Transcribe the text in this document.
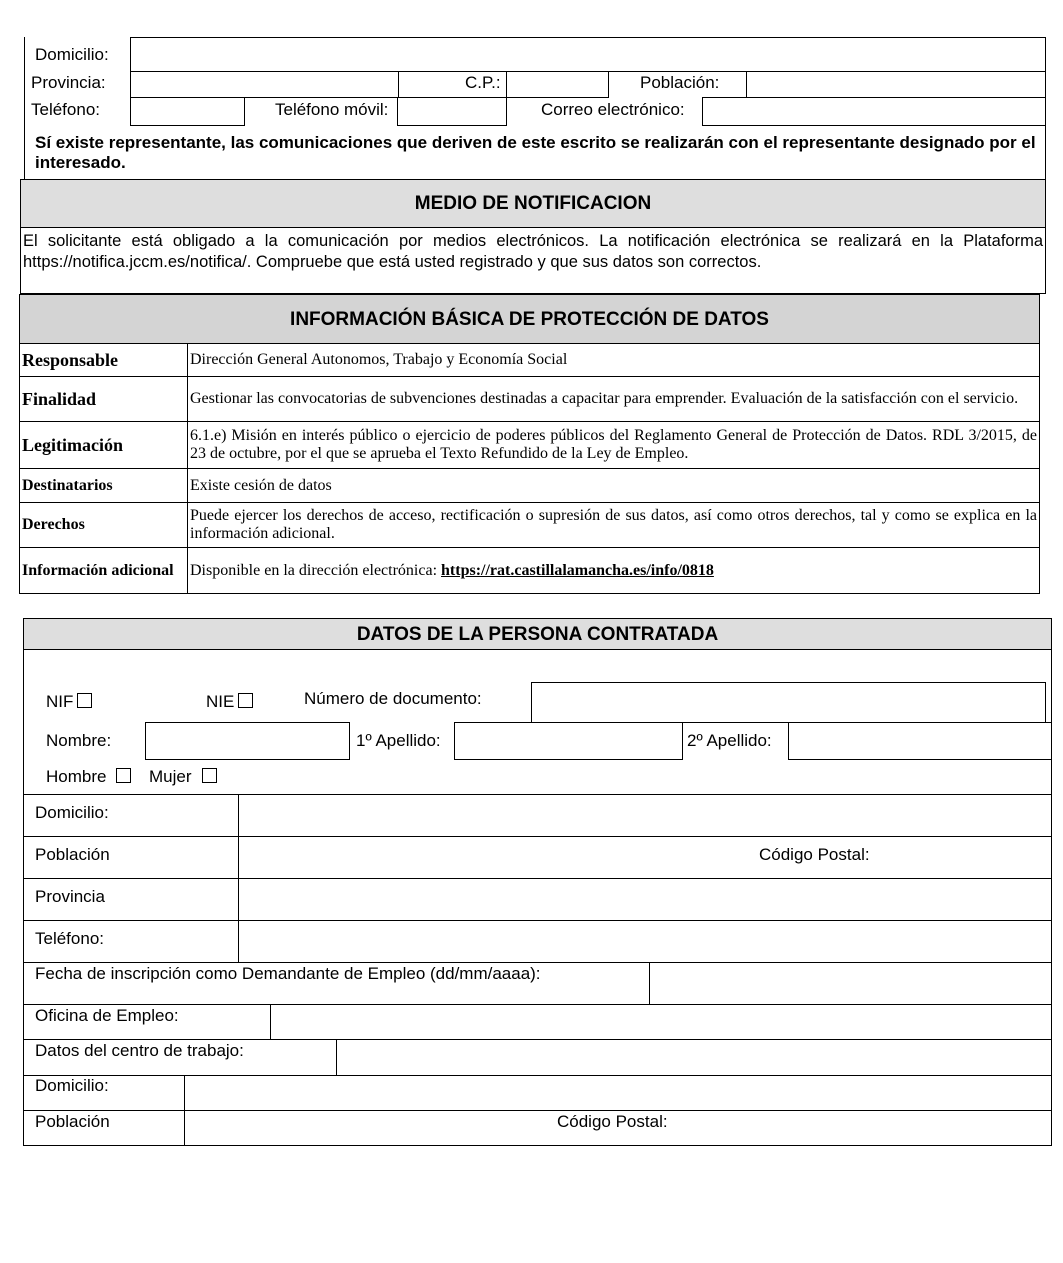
Domicilio:
Provincia:	C.P.:	Población:
Teléfono:	Teléfono móvil:	Correo electrónico:
Sí existe representante, las comunicaciones que deriven de este escrito se realizarán con el representante designado por el interesado.
MEDIO DE NOTIFICACION
El solicitante está obligado a la comunicación por medios electrónicos. La notificación electrónica se realizará en la Plataforma https://notifica.jccm.es/notifica/. Compruebe que está usted registrado y que sus datos son correctos.
INFORMACIÓN BÁSICA DE PROTECCIÓN DE DATOS
Responsable	Dirección General Autonomos, Trabajo y Economía Social
Finalidad	Gestionar las convocatorias de subvenciones destinadas a capacitar para emprender. Evaluación de la satisfacción con el servicio.
Legitimación	6.1.e) Misión en interés público o ejercicio de poderes públicos del Reglamento General de Protección de Datos. RDL 3/2015, de 23 de octubre, por el que se aprueba el Texto Refundido de la Ley de Empleo.
Destinatarios	Existe cesión de datos
Derechos	Puede ejercer los derechos de acceso, rectificación o supresión de sus datos, así como otros derechos, tal y como se explica en la información adicional.
Información adicional	Disponible en la dirección electrónica: https://rat.castillalamancha.es/info/0818
DATOS DE LA PERSONA CONTRATADA
NIF	NIE	Número de documento:
Nombre:	1º Apellido:	2º Apellido:
Hombre	Mujer
Domicilio:
Población	Código Postal:
Provincia
Teléfono:
Fecha de inscripción como Demandante de Empleo (dd/mm/aaaa):
Oficina de Empleo:
Datos del centro de trabajo:
Domicilio:
Población	Código Postal:
